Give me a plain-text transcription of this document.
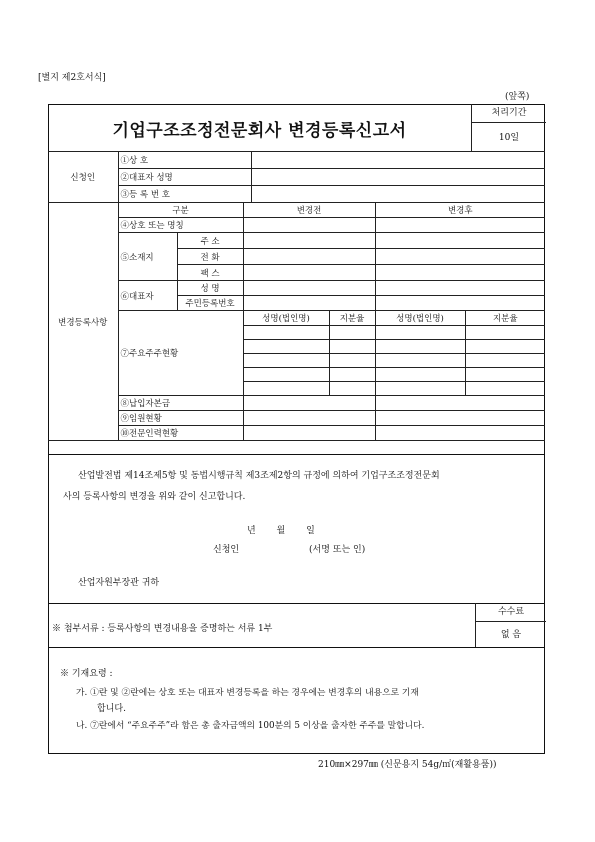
[별지 제2호서식]
(앞쪽)
기업구조조정전문회사 변경등록신고서
처리기간
10일
신청인	①상 호	
	②대표자 성명	
	③등 록 번 호	
변경등록사항	구분		변경전		변경후	
	④상호 또는 명칭					
	⑤소재지	주 소				
		전 화				
		팩 스				
	⑥대표자	성 명				
		주민등록번호				
	⑦주요주주현황		성명(법인명)	지분율	성명(법인명)	지분율

	⑧납입자본금					
	⑨임원현황					
	⑩전문인력현황					
산업발전법 제14조제5항 및 동법시행규칙 제3조제2항의 규정에 의하여 기업구조조정전문회
사의 등록사항의 변경을 위와 같이 신고합니다.
년 월 일
신청인	(서명 또는 인)
산업자원부장관 귀하
※ 첨부서류 : 등록사항의 변경내용을 증명하는 서류 1부
수수료
없 음
※ 기재요령 :
가. ①란 및 ②란에는 상호 또는 대표자 변경등록을 하는 경우에는 변경후의 내용으로 기재
합니다.
나. ⑦란에서 “주요주주”라 함은 총 출자금액의 100분의 5 이상을 출자한 주주를 말합니다.
210㎜×297㎜ (신문용지 54g/㎡(재활용품))
